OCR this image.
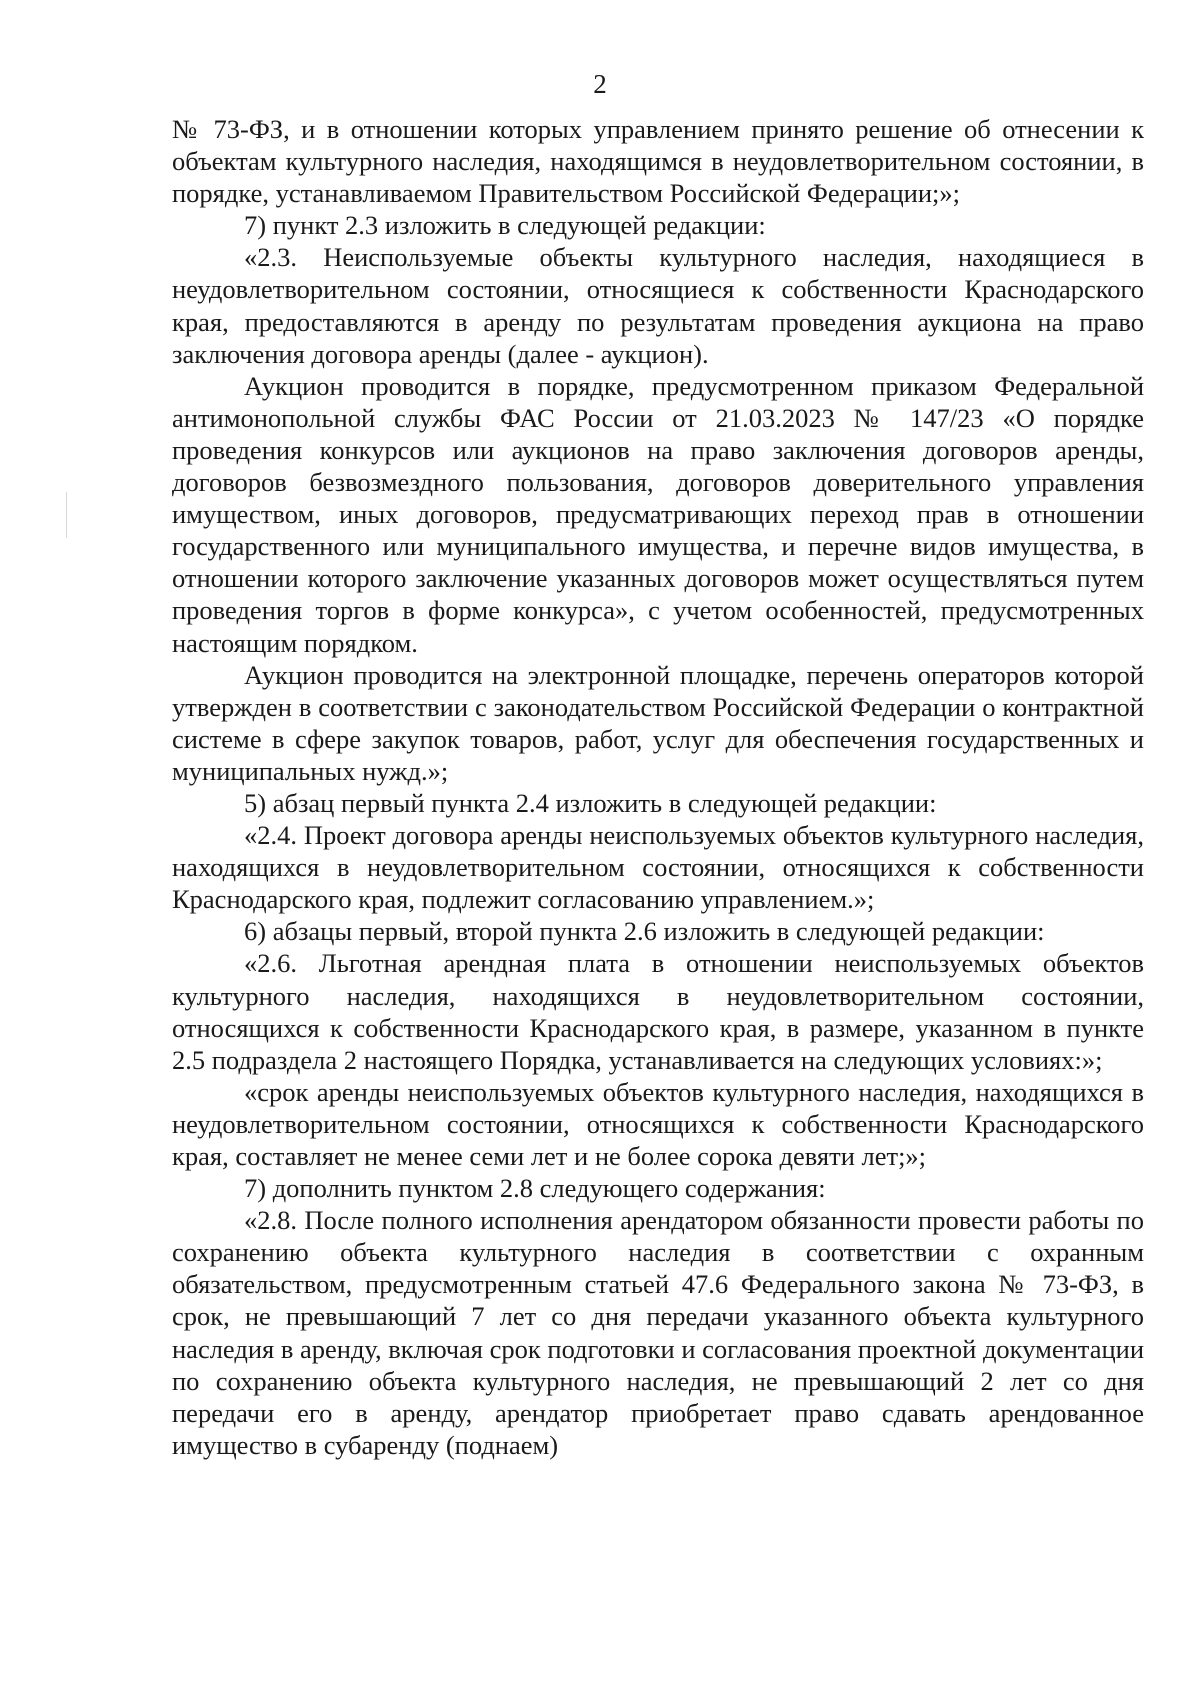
2

№ 73-ФЗ, и в отношении которых управлением принято решение об отнесении к объектам культурного наследия, находящимся в неудовлетворительном состоянии, в порядке, устанавливаемом Правительством Российской Федерации;»;

7) пункт 2.3 изложить в следующей редакции:

«2.3. Неиспользуемые объекты культурного наследия, находящиеся в неудовлетворительном состоянии, относящиеся к собственности Краснодарского края, предоставляются в аренду по результатам проведения аукциона на право заключения договора аренды (далее - аукцион).

Аукцион проводится в порядке, предусмотренном приказом Федеральной антимонопольной службы ФАС России от 21.03.2023 № 147/23 «О порядке проведения конкурсов или аукционов на право заключения договоров аренды, договоров безвозмездного пользования, договоров доверительного управления имуществом, иных договоров, предусматривающих переход прав в отношении государственного или муниципального имущества, и перечне видов имущества, в отношении которого заключение указанных договоров может осуществляться путем проведения торгов в форме конкурса», с учетом особенностей, предусмотренных настоящим порядком.

Аукцион проводится на электронной площадке, перечень операторов которой утвержден в соответствии с законодательством Российской Федерации о контрактной системе в сфере закупок товаров, работ, услуг для обеспечения государственных и муниципальных нужд.»;

5) абзац первый пункта 2.4 изложить в следующей редакции:

«2.4. Проект договора аренды неиспользуемых объектов культурного наследия, находящихся в неудовлетворительном состоянии, относящихся к собственности Краснодарского края, подлежит согласованию управлением.»;

6) абзацы первый, второй пункта 2.6 изложить в следующей редакции:

«2.6. Льготная арендная плата в отношении неиспользуемых объектов культурного наследия, находящихся в неудовлетворительном состоянии, относящихся к собственности Краснодарского края, в размере, указанном в пункте 2.5 подраздела 2 настоящего Порядка, устанавливается на следующих условиях:»;

«срок аренды неиспользуемых объектов культурного наследия, находящихся в неудовлетворительном состоянии, относящихся к собственности Краснодарского края, составляет не менее семи лет и не более сорока девяти лет;»;

7) дополнить пунктом 2.8 следующего содержания:

«2.8. После полного исполнения арендатором обязанности провести работы по сохранению объекта культурного наследия в соответствии с охранным обязательством, предусмотренным статьей 47.6 Федерального закона № 73-ФЗ, в срок, не превышающий 7 лет со дня передачи указанного объекта культурного наследия в аренду, включая срок подготовки и согласования проектной документации по сохранению объекта культурного наследия, не превышающий 2 лет со дня передачи его в аренду, арендатор приобретает право сдавать арендованное имущество в субаренду (поднаем)
